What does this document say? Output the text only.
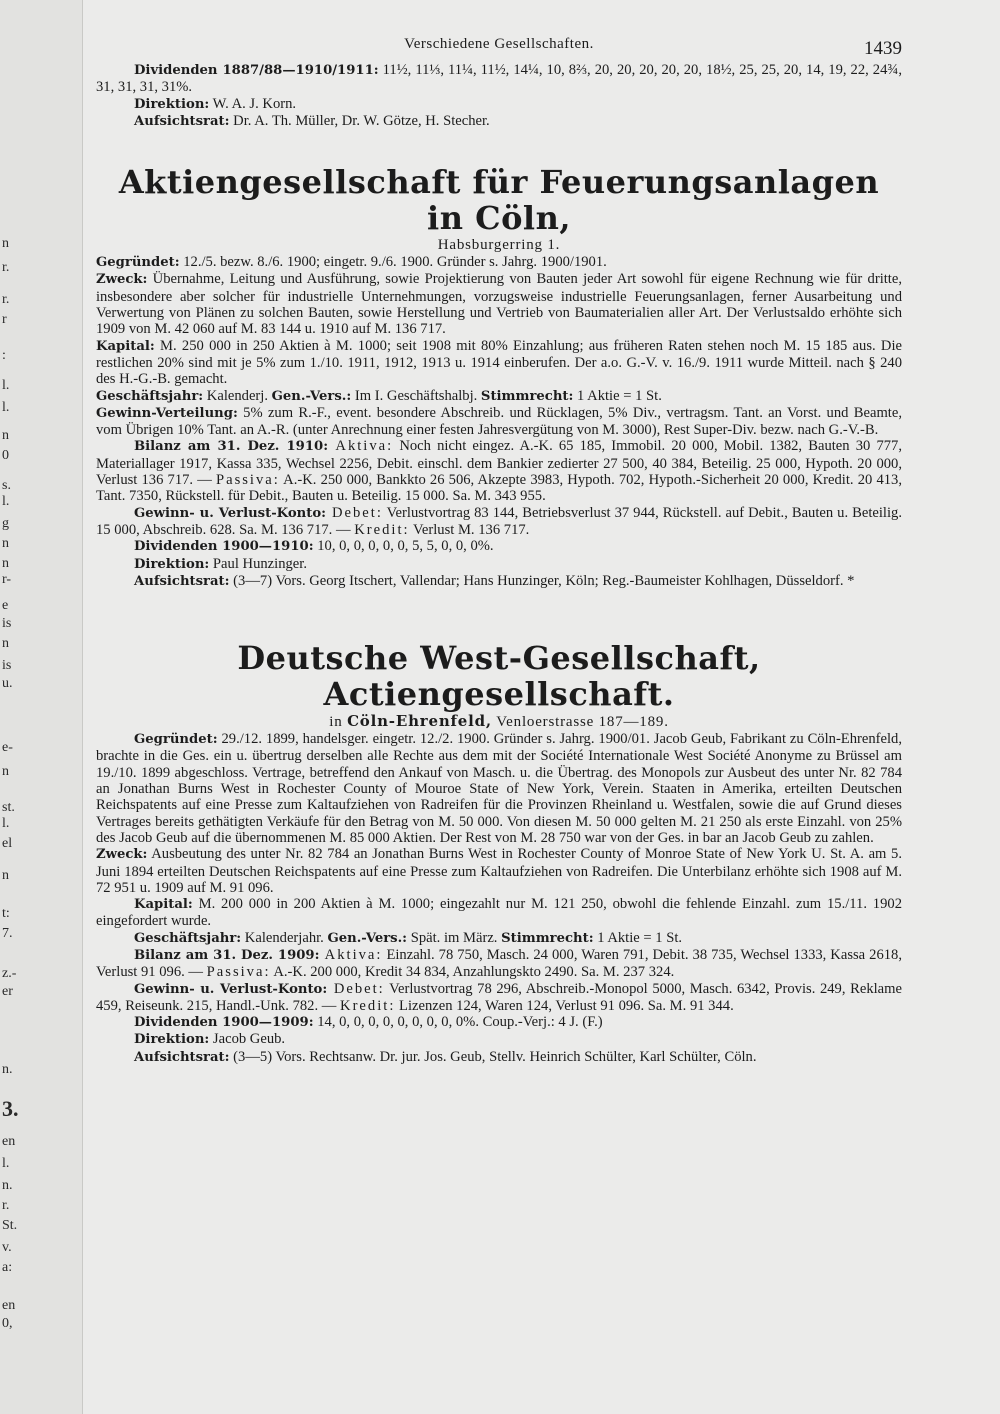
n
r.
r.
r
:
l.
l.
n
0
s.
l.
g
n
n
r-
e
is
n
is
u.
e-
n
st.
l.
el
n
t:
7.
z.-
er
n.
3.
en
l.
n.
r.
St.
v.
a:
en
0,
Verschiedene Gesellschaften.	1439

Dividenden 1887/88—1910/1911: 11½, 11⅓, 11¼, 11½, 14¼, 10, 8⅔, 20, 20, 20, 20, 20, 18½, 25, 25, 20, 14, 19, 22, 24¾, 31, 31, 31, 31%.

Direktion: W. A. J. Korn.

Aufsichtsrat: Dr. A. Th. Müller, Dr. W. Götze, H. Stecher.

Aktiengesellschaft für Feuerungsanlagen in Cöln,

Habsburgerring 1.

Gegründet: 12./5. bezw. 8./6. 1900; eingetr. 9./6. 1900. Gründer s. Jahrg. 1900/1901.

Zweck: Übernahme, Leitung und Ausführung, sowie Projektierung von Bauten jeder Art sowohl für eigene Rechnung wie für dritte, insbesondere aber solcher für industrielle Unternehmungen, vorzugsweise industrielle Feuerungsanlagen, ferner Ausarbeitung und Verwertung von Plänen zu solchen Bauten, sowie Herstellung und Vertrieb von Baumaterialien aller Art. Der Verlustsaldo erhöhte sich 1909 von M. 42 060 auf M. 83 144 u. 1910 auf M. 136 717.

Kapital: M. 250 000 in 250 Aktien à M. 1000; seit 1908 mit 80% Einzahlung; aus früheren Raten stehen noch M. 15 185 aus. Die restlichen 20% sind mit je 5% zum 1./10. 1911, 1912, 1913 u. 1914 einberufen. Der a.o. G.-V. v. 16./9. 1911 wurde Mitteil. nach § 240 des H.-G.-B. gemacht.

Geschäftsjahr: Kalenderj. Gen.-Vers.: Im I. Geschäftshalbj. Stimmrecht: 1 Aktie = 1 St.

Gewinn-Verteilung: 5% zum R.-F., event. besondere Abschreib. und Rücklagen, 5% Div., vertragsm. Tant. an Vorst. und Beamte, vom Übrigen 10% Tant. an A.-R. (unter Anrechnung einer festen Jahresvergütung von M. 3000), Rest Super-Div. bezw. nach G.-V.-B.

Bilanz am 31. Dez. 1910: Aktiva: Noch nicht eingez. A.-K. 65 185, Immobil. 20 000, Mobil. 1382, Bauten 30 777, Materiallager 1917, Kassa 335, Wechsel 2256, Debit. einschl. dem Bankier zedierter 27 500, 40 384, Beteilig. 25 000, Hypoth. 20 000, Verlust 136 717. — Passiva: A.-K. 250 000, Bankkto 26 506, Akzepte 3983, Hypoth. 702, Hypoth.-Sicherheit 20 000, Kredit. 20 413, Tant. 7350, Rückstell. für Debit., Bauten u. Beteilig. 15 000. Sa. M. 343 955.

Gewinn- u. Verlust-Konto: Debet: Verlustvortrag 83 144, Betriebsverlust 37 944, Rückstell. auf Debit., Bauten u. Beteilig. 15 000, Abschreib. 628. Sa. M. 136 717. — Kredit: Verlust M. 136 717.

Dividenden 1900—1910: 10, 0, 0, 0, 0, 0, 5, 5, 0, 0, 0%.

Direktion: Paul Hunzinger.

Aufsichtsrat: (3—7) Vors. Georg Itschert, Vallendar; Hans Hunzinger, Köln; Reg.-Baumeister Kohlhagen, Düsseldorf. *

Deutsche West-Gesellschaft, Actiengesellschaft.

in Cöln-Ehrenfeld, Venloerstrasse 187—189.

Gegründet: 29./12. 1899, handelsger. eingetr. 12./2. 1900. Gründer s. Jahrg. 1900/01. Jacob Geub, Fabrikant zu Cöln-Ehrenfeld, brachte in die Ges. ein u. übertrug derselben alle Rechte aus dem mit der Société Internationale West Société Anonyme zu Brüssel am 19./10. 1899 abgeschloss. Vertrage, betreffend den Ankauf von Masch. u. die Übertrag. des Monopols zur Ausbeut des unter Nr. 82 784 an Jonathan Burns West in Rochester County of Mouroe State of New York, Verein. Staaten in Amerika, erteilten Deutschen Reichspatents auf eine Presse zum Kaltaufziehen von Radreifen für die Provinzen Rheinland u. Westfalen, sowie die auf Grund dieses Vertrages bereits gethätigten Verkäufe für den Betrag von M. 50 000. Von diesen M. 50 000 gelten M. 21 250 als erste Einzahl. von 25% des Jacob Geub auf die übernommenen M. 85 000 Aktien. Der Rest von M. 28 750 war von der Ges. in bar an Jacob Geub zu zahlen.

Zweck: Ausbeutung des unter Nr. 82 784 an Jonathan Burns West in Rochester County of Monroe State of New York U. St. A. am 5. Juni 1894 erteilten Deutschen Reichspatents auf eine Presse zum Kaltaufziehen von Radreifen. Die Unterbilanz erhöhte sich 1908 auf M. 72 951 u. 1909 auf M. 91 096.

Kapital: M. 200 000 in 200 Aktien à M. 1000; eingezahlt nur M. 121 250, obwohl die fehlende Einzahl. zum 15./11. 1902 eingefordert wurde.

Geschäftsjahr: Kalenderjahr. Gen.-Vers.: Spät. im März. Stimmrecht: 1 Aktie = 1 St.

Bilanz am 31. Dez. 1909: Aktiva: Einzahl. 78 750, Masch. 24 000, Waren 791, Debit. 38 735, Wechsel 1333, Kassa 2618, Verlust 91 096. — Passiva: A.-K. 200 000, Kredit 34 834, Anzahlungskto 2490. Sa. M. 237 324.

Gewinn- u. Verlust-Konto: Debet: Verlustvortrag 78 296, Abschreib.-Monopol 5000, Masch. 6342, Provis. 249, Reklame 459, Reiseunk. 215, Handl.-Unk. 782. — Kredit: Lizenzen 124, Waren 124, Verlust 91 096. Sa. M. 91 344.

Dividenden 1900—1909: 14, 0, 0, 0, 0, 0, 0, 0, 0, 0%. Coup.-Verj.: 4 J. (F.)

Direktion: Jacob Geub.

Aufsichtsrat: (3—5) Vors. Rechtsanw. Dr. jur. Jos. Geub, Stellv. Heinrich Schülter, Karl Schülter, Cöln.
